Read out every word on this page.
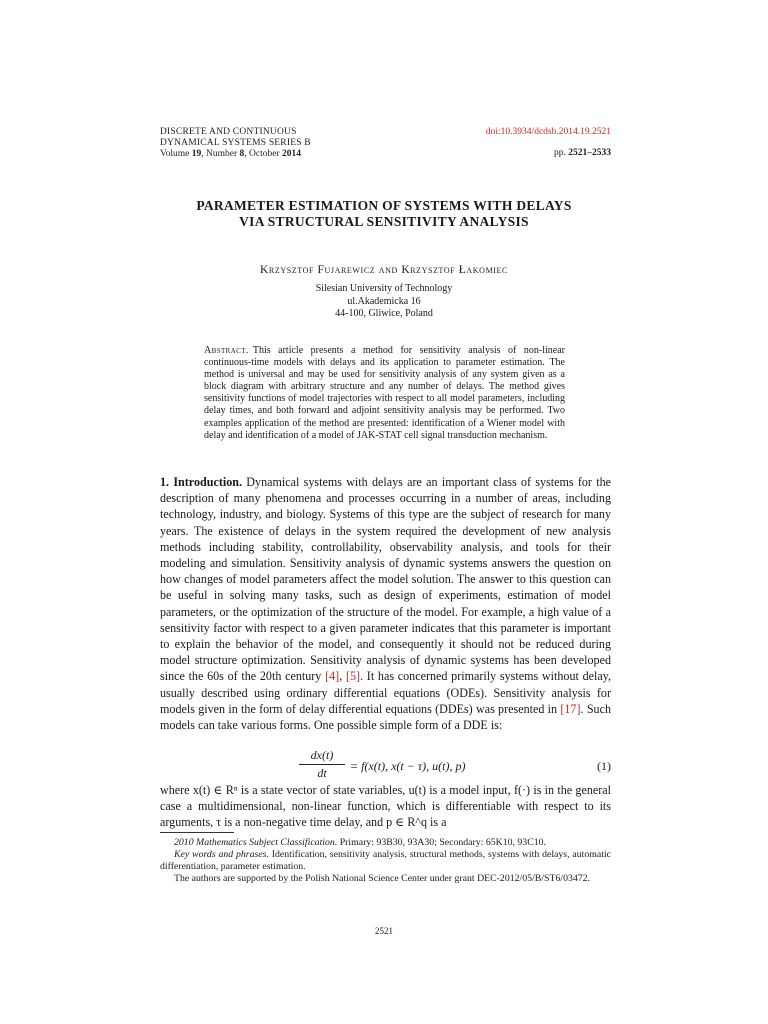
DISCRETE AND CONTINUOUS
DYNAMICAL SYSTEMS SERIES B
Volume 19, Number 8, October 2014
doi:10.3934/dcdsb.2014.19.2521
pp. 2521–2533
PARAMETER ESTIMATION OF SYSTEMS WITH DELAYS
VIA STRUCTURAL SENSITIVITY ANALYSIS
Krzysztof Fujarewicz and Krzysztof Łakomiec
Silesian University of Technology
ul.Akademicka 16
44-100, Gliwice, Poland
Abstract. This article presents a method for sensitivity analysis of non-linear continuous-time models with delays and its application to parameter estimation. The method is universal and may be used for sensitivity analysis of any system given as a block diagram with arbitrary structure and any number of delays. The method gives sensitivity functions of model trajectories with respect to all model parameters, including delay times, and both forward and adjoint sensitivity analysis may be performed. Two examples application of the method are presented: identification of a Wiener model with delay and identification of a model of JAK-STAT cell signal transduction mechanism.
1. Introduction. Dynamical systems with delays are an important class of systems for the description of many phenomena and processes occurring in a number of areas, including technology, industry, and biology. Systems of this type are the subject of research for many years. The existence of delays in the system required the development of new analysis methods including stability, controllability, observability analysis, and tools for their modeling and simulation. Sensitivity analysis of dynamic systems answers the question on how changes of model parameters affect the model solution. The answer to this question can be useful in solving many tasks, such as design of experiments, estimation of model parameters, or the optimization of the structure of the model. For example, a high value of a sensitivity factor with respect to a given parameter indicates that this parameter is important to explain the behavior of the model, and consequently it should not be reduced during model structure optimization. Sensitivity analysis of dynamic systems has been developed since the 60s of the 20th century [4], [5]. It has concerned primarily systems without delay, usually described using ordinary differential equations (ODEs). Sensitivity analysis for models given in the form of delay differential equations (DDEs) was presented in [17]. Such models can take various forms. One possible simple form of a DDE is:
$\frac{dx(t)}{dt} = f(x(t)$, x(t − τ), u(t), p)	(1)
where x(t) ∈ Rⁿ is a state vector of state variables, u(t) is a model input, f(·) is in the general case a multidimensional, non-linear function, which is differentiable with respect to its arguments, τ is a non-negative time delay, and p ∈ R^q is a
2010 Mathematics Subject Classification. Primary: 93B30, 93A30; Secondary: 65K10, 93C10.
Key words and phrases. Identification, sensitivity analysis, structural methods, systems with delays, automatic differentiation, parameter estimation.
The authors are supported by the Polish National Science Center under grant DEC-2012/05/B/ST6/03472.
2521
